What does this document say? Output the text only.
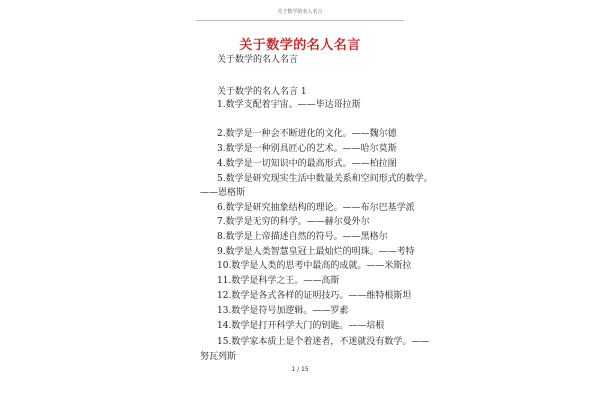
关于数学的名人名言
关于数学的名人名言
关于数学的名人名言
关于数学的名人名言 1
1.数学支配着宇宙。——毕达哥拉斯
2.数学是一种会不断进化的文化。——魏尔德
3.数学是一种别具匠心的艺术。——哈尔莫斯
4.数学是一切知识中的最高形式。——柏拉图
5.数学是研究现实生活中数量关系和空间形式的数学。
——恩格斯
6.数学是研究抽象结构的理论。——布尔巴基学派
7.数学是无穷的科学。——赫尔曼外尔
8.数学是上帝描述自然的符号。——黑格尔
9.数学是人类智慧皇冠上最灿烂的明珠。——考特
10.数学是人类的思考中最高的成就。——米斯拉
11.数学是科学之王。——高斯
12.数学是各式各样的证明技巧。——维特根斯坦
13.数学是符号加逻辑。——罗素
14.数学是打开科学大门的钥匙。——培根
15.数学家本质上是个着迷者，不迷就没有数学。——
努瓦列斯
1 / 15
